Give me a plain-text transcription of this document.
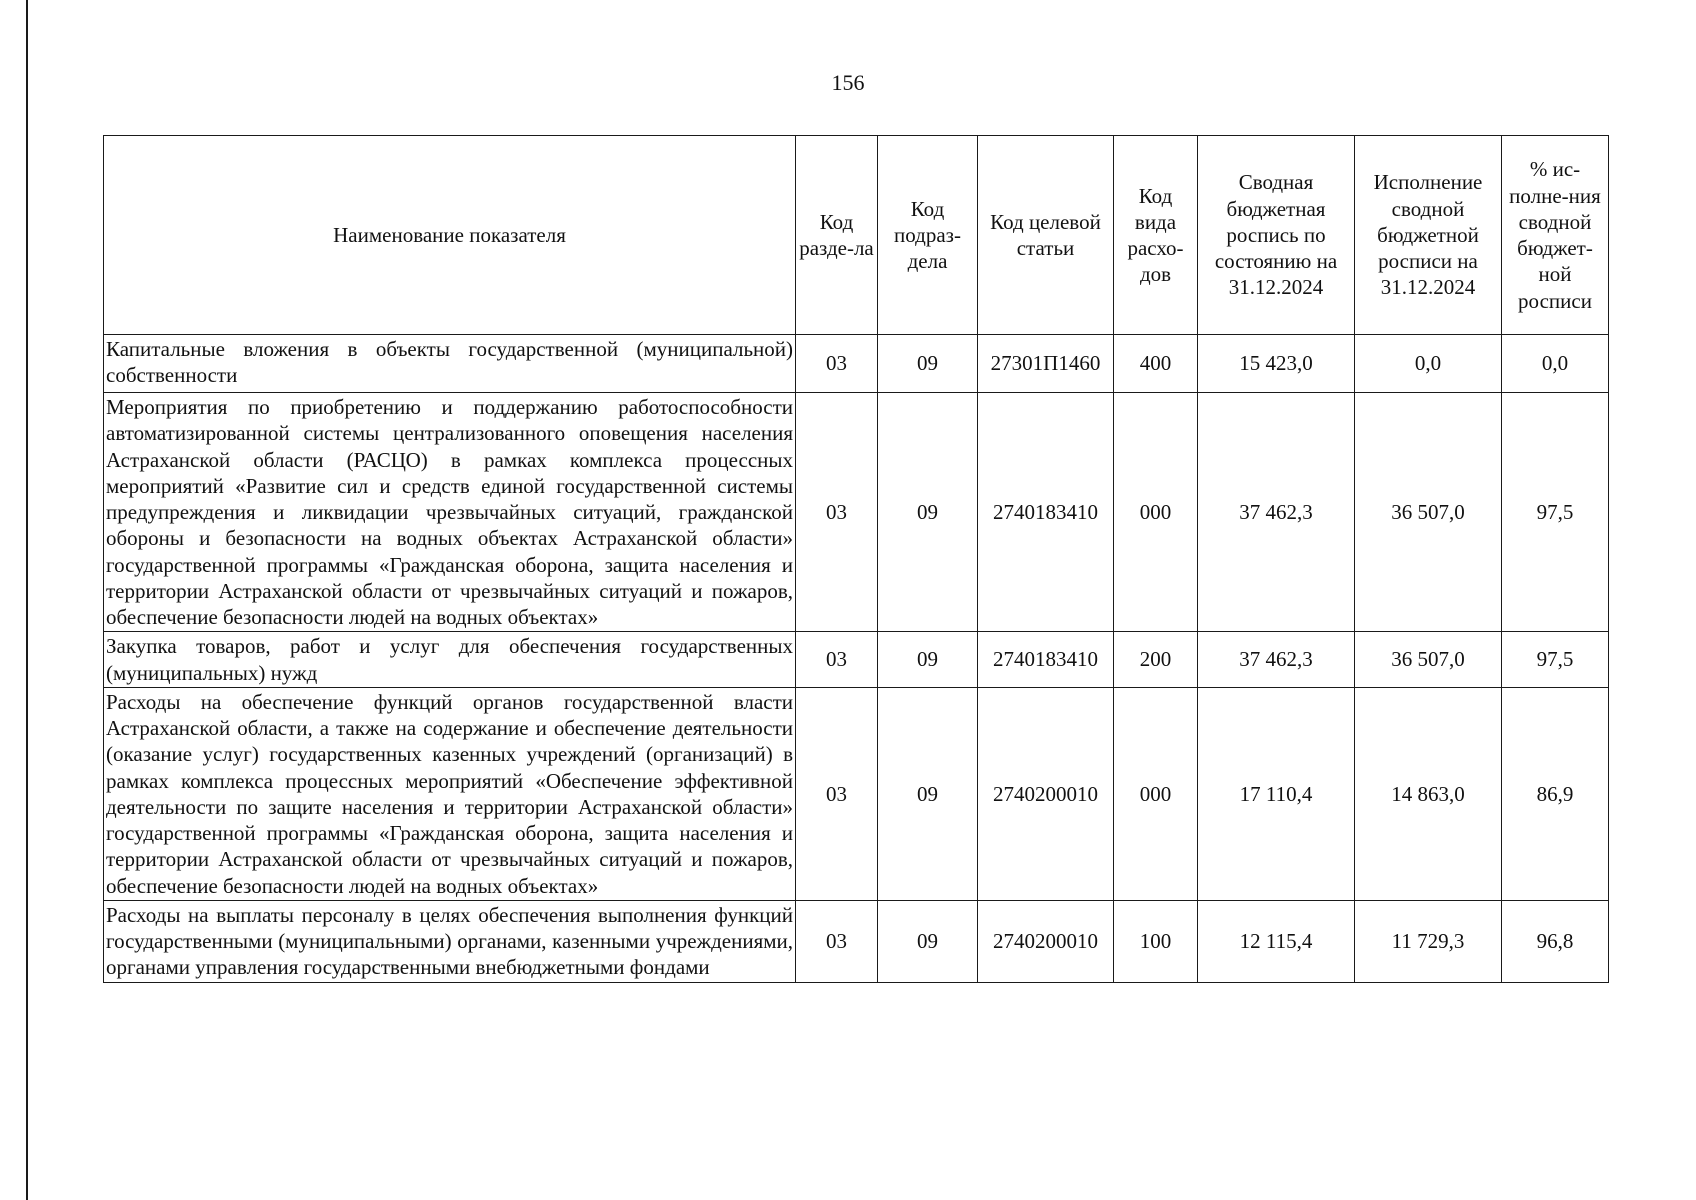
156
Наименование показателя	Код разде-ла	Код подраз-дела	Код целевой статьи	Код вида расхо-дов	Сводная бюджетная роспись по состоянию на 31.12.2024	Исполнение сводной бюджетной росписи на 31.12.2024	% ис-полне-ния сводной бюджет-ной росписи
Капитальные вложения в объекты государственной (муниципальной) собственности	03	09	27301П1460	400	15 423,0	0,0	0,0
Мероприятия по приобретению и поддержанию работоспособности автоматизированной системы централизованного оповещения населения Астраханской области (РАСЦО) в рамках комплекса процессных мероприятий «Развитие сил и средств единой государственной системы предупреждения и ликвидации чрезвычайных ситуаций, гражданской обороны и безопасности на водных объектах Астраханской области» государственной программы «Гражданская оборона, защита населения и территории Астраханской области от чрезвычайных ситуаций и пожаров, обеспечение безопасности людей на водных объектах»	03	09	2740183410	000	37 462,3	36 507,0	97,5
Закупка товаров, работ и услуг для обеспечения государственных (муниципальных) нужд	03	09	2740183410	200	37 462,3	36 507,0	97,5
Расходы на обеспечение функций органов государственной власти Астраханской области, а также на содержание и обеспечение деятельности (оказание услуг) государственных казенных учреждений (организаций) в рамках комплекса процессных мероприятий «Обеспечение эффективной деятельности по защите населения и территории Астраханской области» государственной программы «Гражданская оборона, защита населения и территории Астраханской области от чрезвычайных ситуаций и пожаров, обеспечение безопасности людей на водных объектах»	03	09	2740200010	000	17 110,4	14 863,0	86,9
Расходы на выплаты персоналу в целях обеспечения выполнения функций государственными (муниципальными) органами, казенными учреждениями, органами управления государственными внебюджетными фондами	03	09	2740200010	100	12 115,4	11 729,3	96,8
